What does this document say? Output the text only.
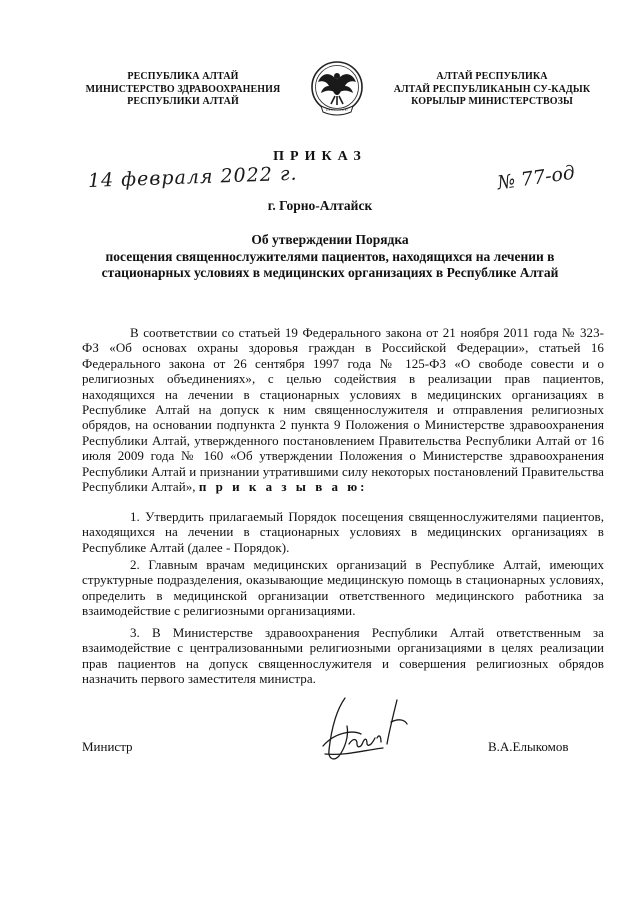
РЕСПУБЛИКА АЛТАЙ
МИНИСТЕРСТВО ЗДРАВООХРАНЕНИЯ
РЕСПУБЛИКИ АЛТАЙ
АЛТАЙ РЕСПУБЛИКА
АЛТАЙ РЕСПУБЛИКАНЫН СУ-КАДЫК
КОРЫЛЫР МИНИСТЕРСТВОЗЫ
ПРИКАЗ
14 февраля 2022 г.	№ 77-од
г. Горно-Алтайск
Об утверждении Порядка
посещения священнослужителями пациентов, находящихся на лечении в
стационарных условиях в медицинских организациях в Республике Алтай
В соответствии со статьей 19 Федерального закона от 21 ноября 2011 года № 323-ФЗ «Об основах охраны здоровья граждан в Российской Федерации», статьей 16 Федерального закона от 26 сентября 1997 года № 125-ФЗ «О свободе совести и о религиозных объединениях», с целью содействия в реализации прав пациентов, находящихся на лечении в стационарных условиях в медицинских организациях в Республике Алтай на допуск к ним священнослужителя и отправления религиозных обрядов, на основании подпункта 2 пункта 9 Положения о Министерстве здравоохранения Республики Алтай, утвержденного постановлением Правительства Республики Алтай от 16 июля 2009 года № 160 «Об утверждении Положения о Министерстве здравоохранения Республики Алтай и признании утратившими силу некоторых постановлений Правительства Республики Алтай», п р и к а з ы в а ю:
1. Утвердить прилагаемый Порядок посещения священнослужителями пациентов, находящихся на лечении в стационарных условиях в медицинских организациях в Республике Алтай (далее - Порядок).
2. Главным врачам медицинских организаций в Республике Алтай, имеющих структурные подразделения, оказывающие медицинскую помощь в стационарных условиях, определить в медицинской организации ответственного медицинского работника за взаимодействие с религиозными организациями.
3. В Министерстве здравоохранения Республики Алтай ответственным за взаимодействие с централизованными религиозными организациями в целях реализации прав пациентов на допуск священнослужителя и совершения религиозных обрядов назначить первого заместителя министра.
Министр	В.А.Елыкомов
